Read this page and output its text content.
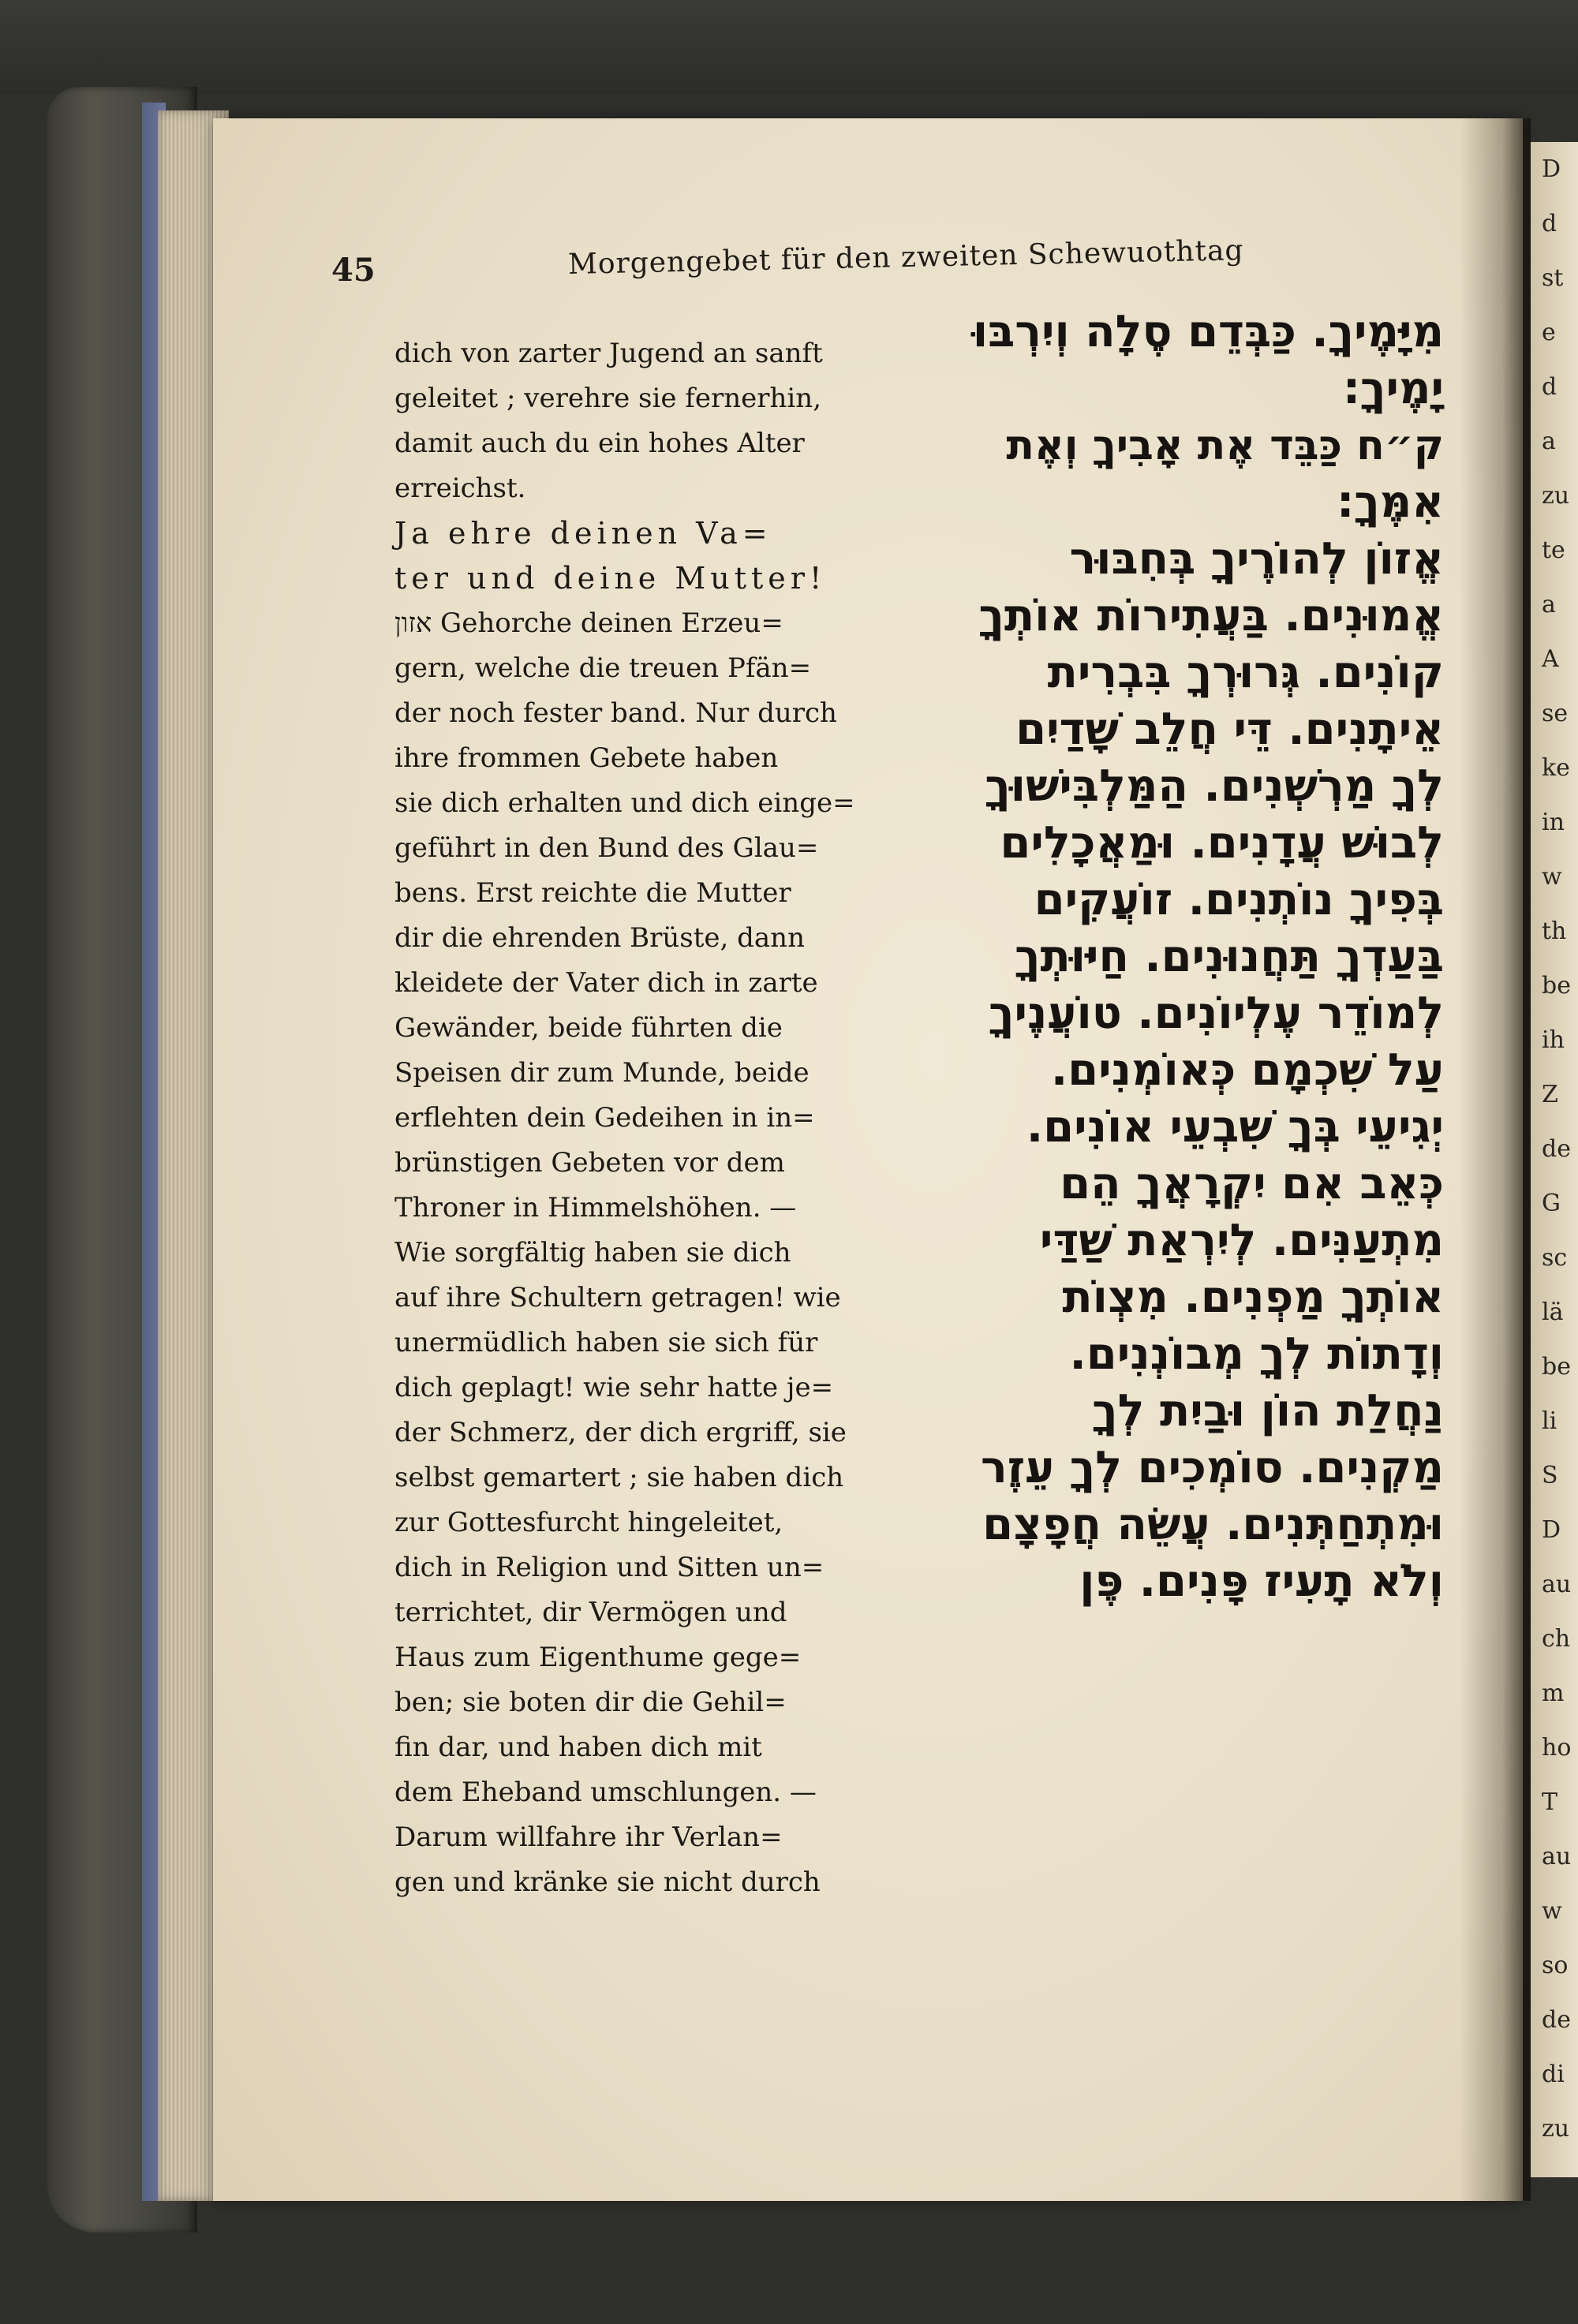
D
d
st
e
d
a
zu
te
a
A
se
ke
in
w
th
be
ih
Z
de
G
sc
lä
be
li
S
D
au
ch
m
ho
T
au
w
so
de
di
zu
45	Morgengebet für den zweiten Schewuothtag
dich von zarter Jugend an sanft
geleitet ; verehre sie fernerhin,
damit auch du ein hohes Alter
erreichst.
Ja ehre deinen Va=
ter und deine Mutter!
אזון Gehorche deinen Erzeu=
gern, welche die treuen Pfän=
der noch fester band. Nur durch
ihre frommen Gebete haben
sie dich erhalten und dich einge=
geführt in den Bund des Glau=
bens. Erst reichte die Mutter
dir die ehrenden Brüste, dann
kleidete der Vater dich in zarte
Gewänder, beide führten die
Speisen dir zum Munde, beide
erflehten dein Gedeihen in in=
brünstigen Gebeten vor dem
Throner in Himmelshöhen. —
Wie sorgfältig haben sie dich
auf ihre Schultern getragen! wie
unermüdlich haben sie sich für
dich geplagt! wie sehr hatte je=
der Schmerz, der dich ergriff, sie
selbst gemartert ; sie haben dich
zur Gottesfurcht hingeleitet,
dich in Religion und Sitten un=
terrichtet, dir Vermögen und
Haus zum Eigenthume gege=
ben; sie boten dir die Gehil=
fin dar, und haben dich mit
dem Eheband umschlungen. —
Darum willfahre ihr Verlan=
gen und kränke sie nicht durch
מִיָּמֶיךָ. כַּבְּדֵם סֶלָה וְיִרְבּוּ
יָמֶיךָ:
ק״ח כַּבֵּד אֶת אָבִיךָ וְאֶת
אִמֶּךָ:
אֱזוֹן לְהוֹרֶיךָ בְּחִבּוּר
אֱמוּנִים. בַּעֲתִירוֹת אוֹתְךָ
קוֹנִים. גְּרוּרְךָ בִּבְרִית
אֵיתָנִים. דֵּי חֲלֵב שָׁדַיִם
לְךָ מַרְשְׁנִים. הַמַּלְבִּישׁוּךָ
לְבוּשׁ עֲדָנִים. וּמַאֲכָלִים
בְּפִיךָ נוֹתְנִים. זוֹעֲקִים
בַּעַדְךָ תַּחֲנוּנִים. חַיּוּתְךָ
לְמוֹדֵר עֶלְיוֹנִים. טוֹעֲנֶיךָ
עַל שִׁכְמָם כְּאוֹמְנִים.
יְגִיעֵי בְּךָ שִׁבְעֵי אוֹנִים.
כְּאֵב אִם יִקְרָאֲךָ הֵם
מִתְעַנִּים. לְיִרְאַת שַׁדַּי
אוֹתְךָ מַפְנִים. מִצְוֹת
וְדָתוֹת לְךָ מְבוֹנְנִים.
נַחֲלַת הוֹן וּבַיִת לְךָ
מַקְנִים. סוֹמְכִים לְךָ עֵזֶר
וּמִתְחַתְּנִים. עֲשֵׂה חֲפָצָם
וְלֹא תָעִיז פָּנִים. פֶּן
